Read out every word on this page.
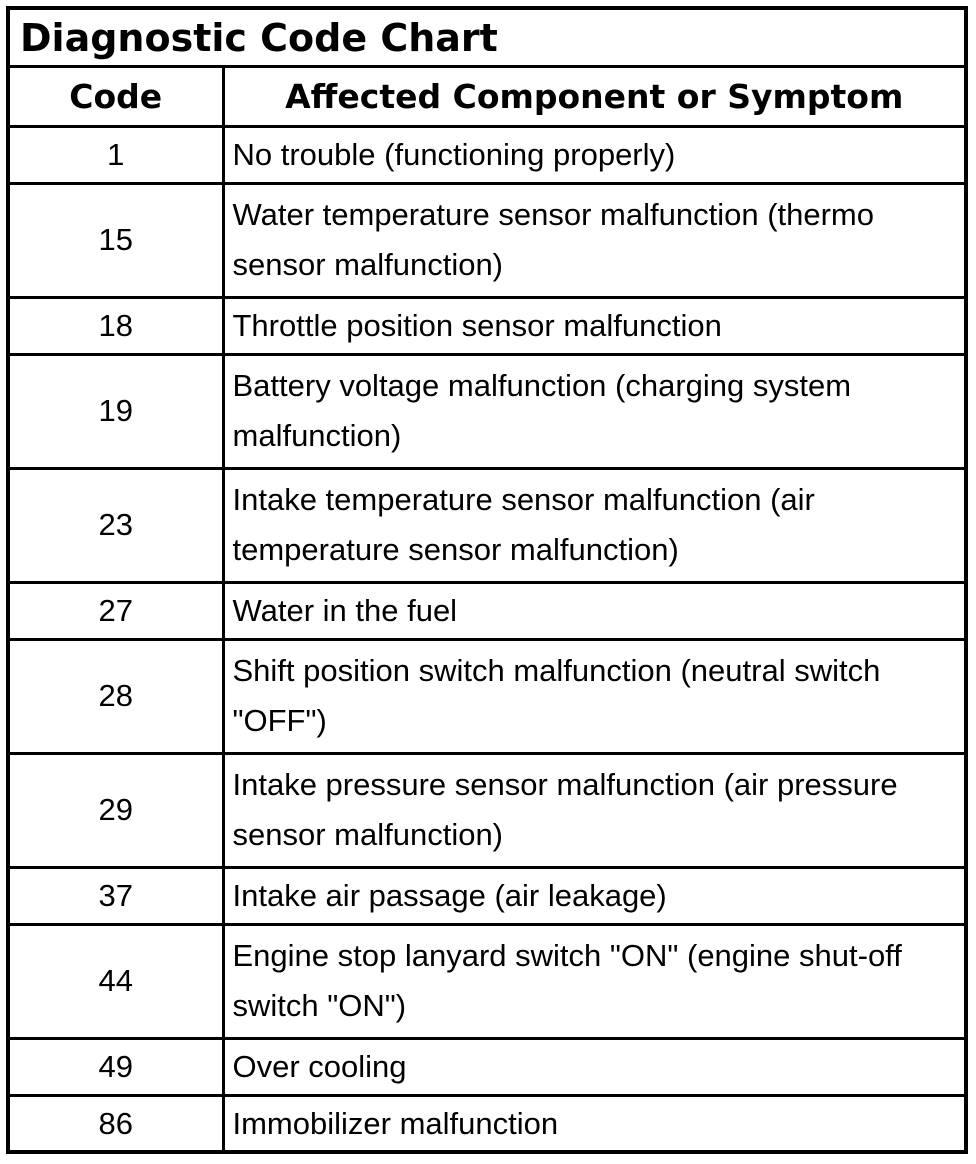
Diagnostic Code Chart
Code	Affected Component or Symptom
1	No trouble (functioning properly)
15	Water temperature sensor malfunction (thermo sensor malfunction)
18	Throttle position sensor malfunction
19	Battery voltage malfunction (charging system malfunction)
23	Intake temperature sensor malfunction (air temperature sensor malfunction)
27	Water in the fuel
28	Shift position switch malfunction (neutral switch "OFF")
29	Intake pressure sensor malfunction (air pressure sensor malfunction)
37	Intake air passage (air leakage)
44	Engine stop lanyard switch "ON" (engine shut-off switch "ON")
49	Over cooling
86	Immobilizer malfunction
